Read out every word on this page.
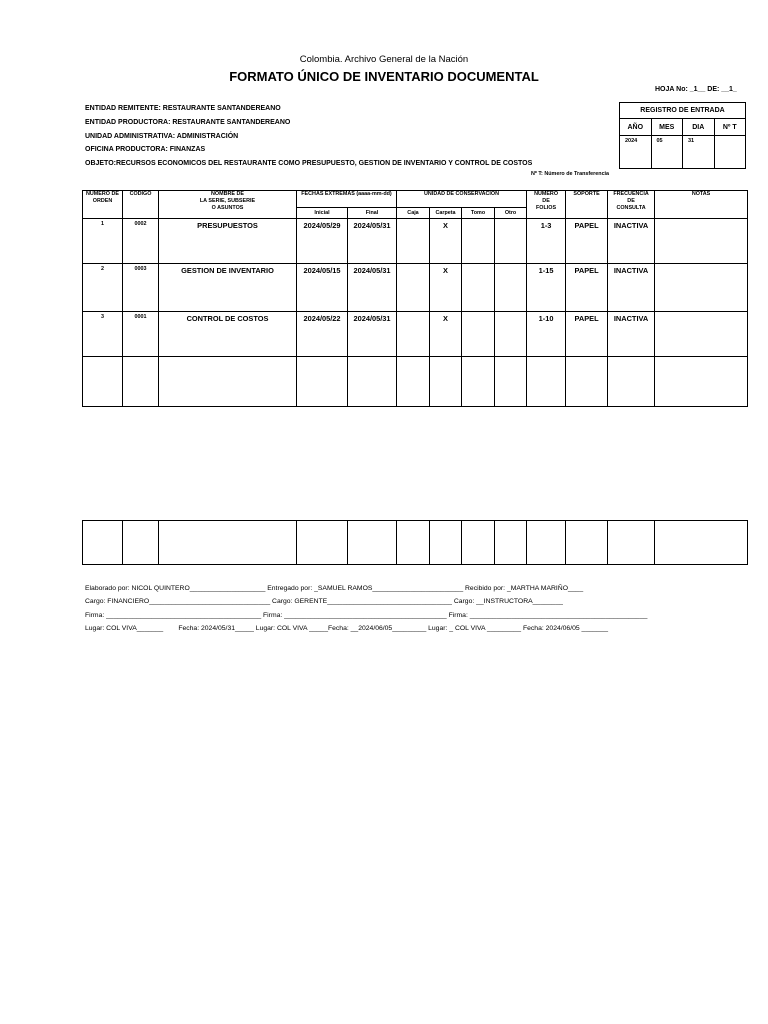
Colombia. Archivo General de la Nación
FORMATO ÚNICO DE INVENTARIO DOCUMENTAL
HOJA No: _1__ DE: __1_
ENTIDAD REMITENTE: RESTAURANTE SANTANDEREANO
ENTIDAD PRODUCTORA: RESTAURANTE SANTANDEREANO
UNIDAD ADMINISTRATIVA: ADMINISTRACIÓN
OFICINA PRODUCTORA: FINANZAS
OBJETO:RECURSOS ECONOMICOS DEL RESTAURANTE COMO PRESUPUESTO, GESTION DE INVENTARIO Y CONTROL DE COSTOS
REGISTRO DE ENTRADA			
AÑO	MES	DIA	Nº T
2024	05	31	
Nº T: Número de Transferencia
NUMERO DE ORDEN	CODIGO	NOMBRE DE
LA SERIE, SUBSERIE
O ASUNTOS	FECHAS EXTREMAS (aaaa-mm-dd)		UNIDAD DE CONSERVACIÓN				NUMERO
DE
FOLIOS	SOPORTE	FRECUENCIA
DE
CONSULTA	NOTAS
			Inicial	Final	Caja	Carpeta	Tomo	Otro				
1	0002	PRESUPUESTOS	2024/05/29	2024/05/31		X			1-3	PAPEL	INACTIVA	
2	0003	GESTION DE INVENTARIO	2024/05/15	2024/05/31		X			1-15	PAPEL	INACTIVA	
3	0001	CONTROL DE COSTOS	2024/05/22	2024/05/31		X			1-10	PAPEL	INACTIVA	

Elaborado por: NICOL QUINTERO____________________ Entregado por: _SAMUEL RAMOS________________________ Recibido por: _MARTHA MARIÑO____
Cargo: FINANCIERO________________________________ Cargo: GERENTE_________________________________ Cargo: __INSTRUCTORA________
Firma: _________________________________________ Firma: ___________________________________________ Firma: _______________________________________________
Lugar: COL VIVA_______        Fecha: 2024/05/31_____ Lugar: COL VIVA _____Fecha: __2024/06/05_________ Lugar: _ COL VIVA _________ Fecha: 2024/06/05 _______
